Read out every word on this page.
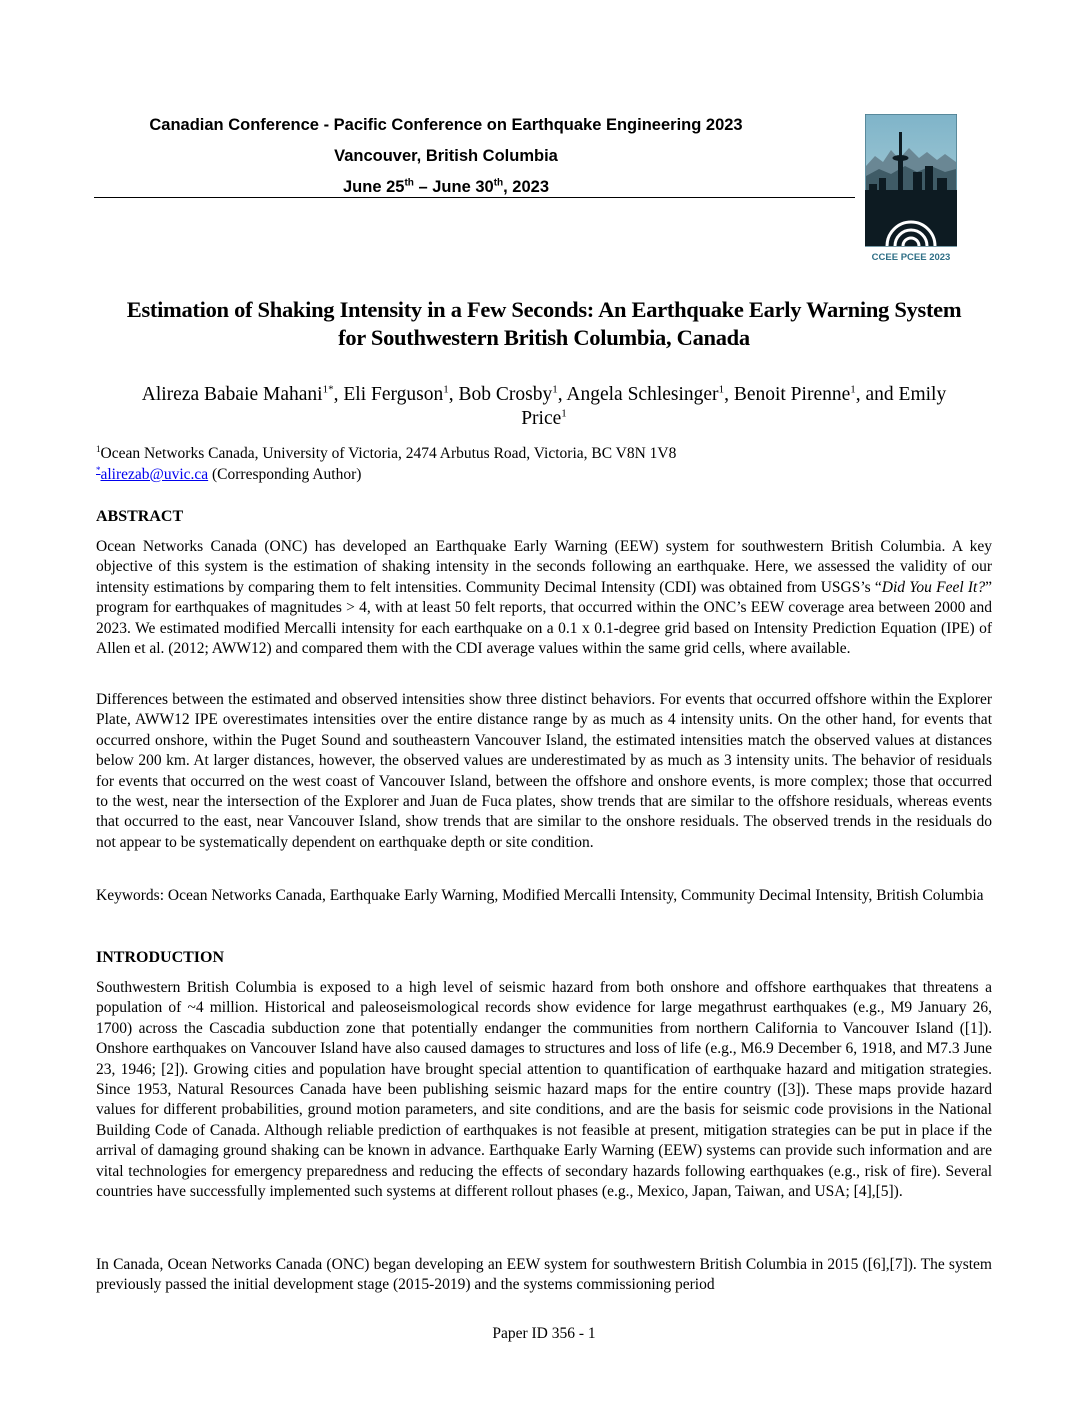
Canadian Conference - Pacific Conference on Earthquake Engineering 2023
Vancouver, British Columbia
June 25th – June 30th, 2023
CCEE PCEE 2023
Estimation of Shaking Intensity in a Few Seconds: An Earthquake Early Warning System
for Southwestern British Columbia, Canada
Alireza Babaie Mahani$^{1*}$, Eli Ferguson$^1$, Bob Crosby$^1$, Angela Schlesinger$^1$, Benoit Pirenne$^1$, and Emily
Price$^1$
$^1$Ocean Networks Canada, University of Victoria, 2474 Arbutus Road, Victoria, BC V8N 1V8
*alirezab@uvic.ca (Corresponding Author)
ABSTRACT
Ocean Networks Canada (ONC) has developed an Earthquake Early Warning (EEW) system for southwestern British Columbia. A key objective of this system is the estimation of shaking intensity in the seconds following an earthquake. Here, we assessed the validity of our intensity estimations by comparing them to felt intensities. Community Decimal Intensity (CDI) was obtained from USGS’s “Did You Feel It?” program for earthquakes of magnitudes > 4, with at least 50 felt reports, that occurred within the ONC’s EEW coverage area between 2000 and 2023. We estimated modified Mercalli intensity for each earthquake on a 0.1 x 0.1-degree grid based on Intensity Prediction Equation (IPE) of Allen et al. (2012; AWW12) and compared them with the CDI average values within the same grid cells, where available.
Differences between the estimated and observed intensities show three distinct behaviors. For events that occurred offshore within the Explorer Plate, AWW12 IPE overestimates intensities over the entire distance range by as much as 4 intensity units. On the other hand, for events that occurred onshore, within the Puget Sound and southeastern Vancouver Island, the estimated intensities match the observed values at distances below 200 km. At larger distances, however, the observed values are underestimated by as much as 3 intensity units. The behavior of residuals for events that occurred on the west coast of Vancouver Island, between the offshore and onshore events, is more complex; those that occurred to the west, near the intersection of the Explorer and Juan de Fuca plates, show trends that are similar to the offshore residuals, whereas events that occurred to the east, near Vancouver Island, show trends that are similar to the onshore residuals. The observed trends in the residuals do not appear to be systematically dependent on earthquake depth or site condition.
Keywords: Ocean Networks Canada, Earthquake Early Warning, Modified Mercalli Intensity, Community Decimal Intensity, British Columbia
INTRODUCTION
Southwestern British Columbia is exposed to a high level of seismic hazard from both onshore and offshore earthquakes that threatens a population of ~4 million. Historical and paleoseismological records show evidence for large megathrust earthquakes (e.g., M9 January 26, 1700) across the Cascadia subduction zone that potentially endanger the communities from northern California to Vancouver Island ([1]). Onshore earthquakes on Vancouver Island have also caused damages to structures and loss of life (e.g., M6.9 December 6, 1918, and M7.3 June 23, 1946; [2]). Growing cities and population have brought special attention to quantification of earthquake hazard and mitigation strategies. Since 1953, Natural Resources Canada have been publishing seismic hazard maps for the entire country ([3]). These maps provide hazard values for different probabilities, ground motion parameters, and site conditions, and are the basis for seismic code provisions in the National Building Code of Canada. Although reliable prediction of earthquakes is not feasible at present, mitigation strategies can be put in place if the arrival of damaging ground shaking can be known in advance. Earthquake Early Warning (EEW) systems can provide such information and are vital technologies for emergency preparedness and reducing the effects of secondary hazards following earthquakes (e.g., risk of fire). Several countries have successfully implemented such systems at different rollout phases (e.g., Mexico, Japan, Taiwan, and USA; [4],[5]).
In Canada, Ocean Networks Canada (ONC) began developing an EEW system for southwestern British Columbia in 2015 ([6],[7]). The system previously passed the initial development stage (2015-2019) and the systems commissioning period
Paper ID 356 - 1
